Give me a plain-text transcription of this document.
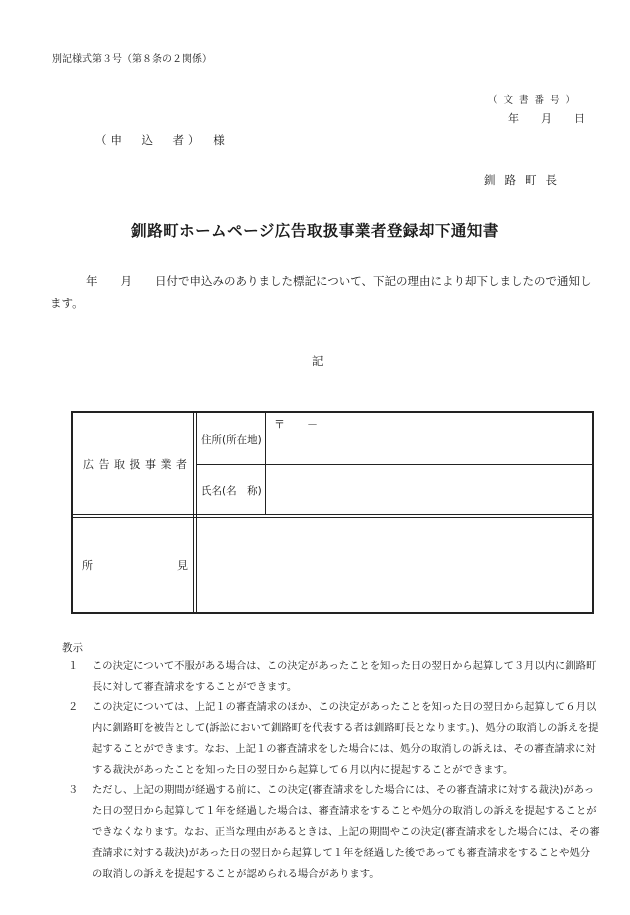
別記様式第３号（第８条の２関係）
（文書番号）
年 月 日
（申　込　者）　様
釧路町長
釧路町ホームページ広告取扱事業者登録却下通知書
年　　月　　日付で申込みのありました標記について、下記の理由により却下しましたので通知します。
記
広告取扱事業者
住所(所在地)
〒　　－
氏名(名　称)
所	見
教示
１ この決定について不服がある場合は、この決定があったことを知った日の翌日から起算して３月以内に釧路町長に対して審査請求をすることができます。
２ この決定については、上記１の審査請求のほか、この決定があったことを知った日の翌日から起算して６月以内に釧路町を被告として(訴訟において釧路町を代表する者は釧路町長となります。)、処分の取消しの訴えを提起することができます。なお、上記１の審査請求をした場合には、処分の取消しの訴えは、その審査請求に対する裁決があったことを知った日の翌日から起算して６月以内に提起することができます。
３ ただし、上記の期間が経過する前に、この決定(審査請求をした場合には、その審査請求に対する裁決)があった日の翌日から起算して１年を経過した場合は、審査請求をすることや処分の取消しの訴えを提起することができなくなります。なお、正当な理由があるときは、上記の期間やこの決定(審査請求をした場合には、その審査請求に対する裁決)があった日の翌日から起算して１年を経過した後であっても審査請求をすることや処分の取消しの訴えを提起することが認められる場合があります。
